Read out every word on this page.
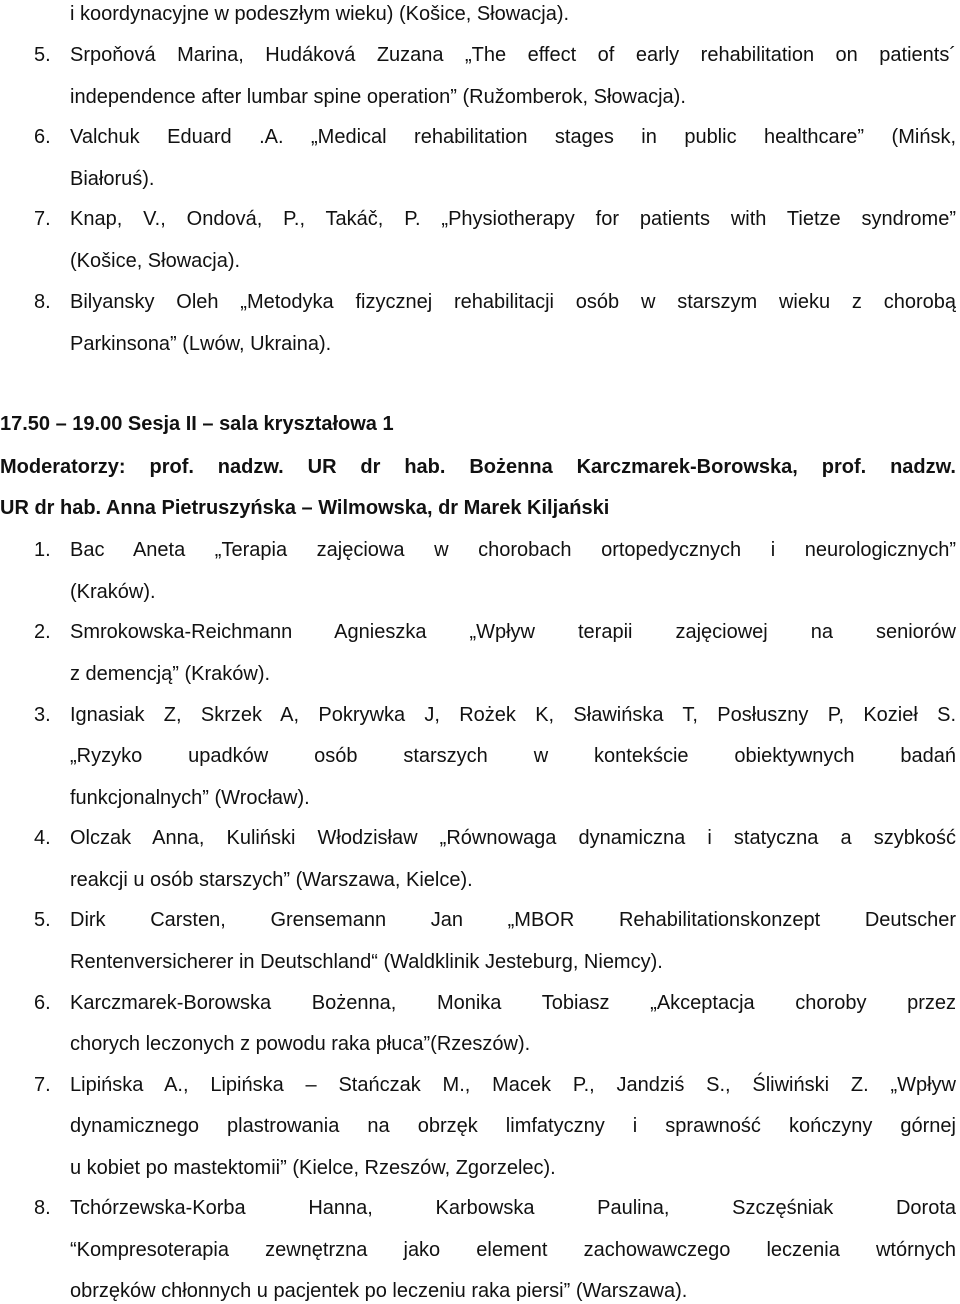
i koordynacyjne w podeszłym wieku) (Košice, Słowacja).
5. Srpoňová Marina, Hudáková Zuzana „The effect of early rehabilitation on patients´
independence after lumbar spine operation” (Ružomberok, Słowacja).
6. Valchuk Eduard .A. „Medical rehabilitation stages in public healthcare” (Mińsk,
Białoruś).
7. Knap, V., Ondová, P., Takáč, P. „Physiotherapy for patients with Tietze syndrome”
(Košice, Słowacja).
8. Bilyansky Oleh „Metodyka fizycznej rehabilitacji osób w starszym wieku z chorobą
Parkinsona” (Lwów, Ukraina).
17.50 – 19.00 Sesja II – sala kryształowa 1
Moderatorzy: prof. nadzw. UR dr hab. Bożenna Karczmarek-Borowska, prof. nadzw.
UR dr hab. Anna Pietruszyńska – Wilmowska, dr Marek Kiljański
1. Bac Aneta „Terapia zajęciowa w chorobach ortopedycznych i neurologicznych”
(Kraków).
2. Smrokowska-Reichmann Agnieszka „Wpływ terapii zajęciowej na seniorów
z demencją” (Kraków).
3. Ignasiak Z, Skrzek A, Pokrywka J, Rożek K, Sławińska T, Posłuszny P, Kozieł S.
„Ryzyko upadków osób starszych w kontekście obiektywnych badań
funkcjonalnych” (Wrocław).
4. Olczak Anna, Kuliński Włodzisław „Równowaga dynamiczna i statyczna a szybkość
reakcji u osób starszych” (Warszawa, Kielce).
5. Dirk Carsten, Grensemann Jan „MBOR Rehabilitationskonzept Deutscher
Rentenversicherer in Deutschland“ (Waldklinik Jesteburg, Niemcy).
6. Karczmarek-Borowska Bożenna, Monika Tobiasz „Akceptacja choroby przez
chorych leczonych z powodu raka płuca”(Rzeszów).
7. Lipińska A., Lipińska – Stańczak M., Macek P., Jandziś S., Śliwiński Z. „Wpływ
dynamicznego plastrowania na obrzęk limfatyczny i sprawność kończyny górnej
u kobiet po mastektomii” (Kielce, Rzeszów, Zgorzelec).
8. Tchórzewska-Korba Hanna, Karbowska Paulina, Szczęśniak Dorota
“Kompresoterapia zewnętrzna jako element zachowawczego leczenia wtórnych
obrzęków chłonnych u pacjentek po leczeniu raka piersi” (Warszawa).
